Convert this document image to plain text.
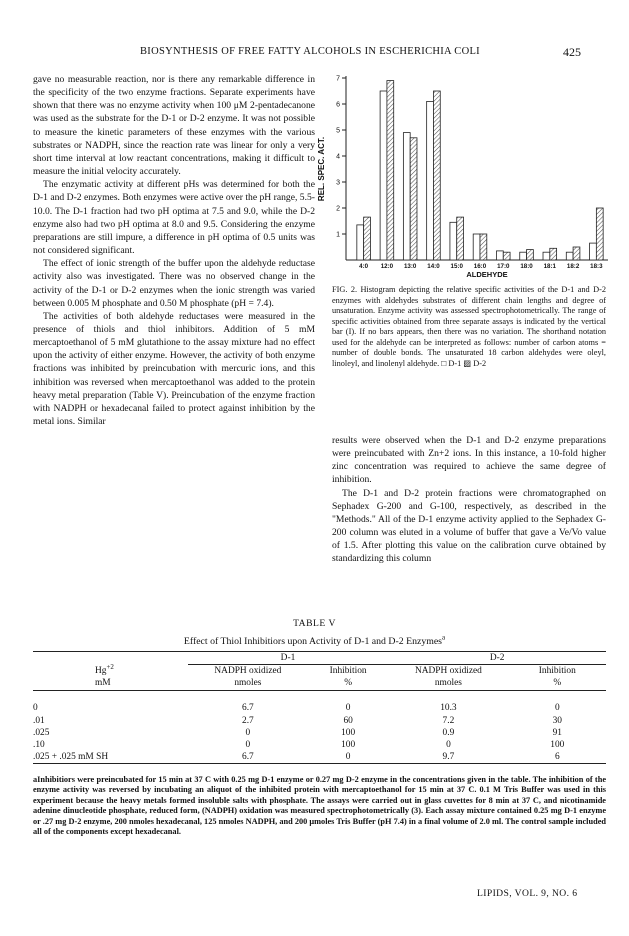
BIOSYNTHESIS OF FREE FATTY ALCOHOLS IN ESCHERICHIA COLI	425

gave no measurable reaction, nor is there any remarkable difference in the specificity of the two enzyme fractions. Separate experiments have shown that there was no enzyme activity when 100 μM 2-pentadecanone was used as the substrate for the D-1 or D-2 enzyme. It was not possible to measure the kinetic parameters of these enzymes with the various substrates or NADPH, since the reaction rate was linear for only a very short time interval at low reactant concentrations, making it difficult to measure the initial velocity accurately.

The enzymatic activity at different pHs was determined for both the D-1 and D-2 enzymes. Both enzymes were active over the pH range, 5.5-10.0. The D-1 fraction had two pH optima at 7.5 and 9.0, while the D-2 enzyme also had two pH optima at 8.0 and 9.5. Considering the enzyme preparations are still impure, a difference in pH optima of 0.5 units was not considered significant.

The effect of ionic strength of the buffer upon the aldehyde reductase activity also was investigated. There was no observed change in the activity of the D-1 or D-2 enzymes when the ionic strength was varied between 0.005 M phosphate and 0.50 M phosphate (pH = 7.4).

The activities of both aldehyde reductases were measured in the presence of thiols and thiol inhibitors. Addition of 5 mM mercaptoethanol of 5 mM glutathione to the assay mixture had no effect upon the activity of either enzyme. However, the activity of both enzyme fractions was inhibited by preincubation with mercuric ions, and this inhibition was reversed when mercaptoethanol was added to the protein heavy metal preparation (Table V). Preincubation of the enzyme fraction with NADPH or hexadecanal failed to protect against inhibition by the metal ions. Similar

1
2
3
4
5
6
7
REL. SPEC. ACT.
4:0 12:0 13:0 14:0 15:0 16:0 17:0 18:0 18:1 18:2 18:3
ALDEHYDE
FIG. 2. Histogram depicting the relative specific activities of the D-1 and D-2 enzymes with aldehydes substrates of different chain lengths and degree of unsaturation. Enzyme activity was assessed spectrophotometrically. The range of specific activities obtained from three separate assays is indicated by the vertical bar (I). If no bars appears, then there was no variation. The shorthand notation used for the aldehyde can be interpreted as follows: number of carbon atoms = number of double bonds. The unsaturated 18 carbon aldehydes were oleyl, linoleyl, and linolenyl aldehyde. □ D-1 ▨ D-2

results were observed when the D-1 and D-2 enzyme preparations were preincubated with Zn+2 ions. In this instance, a 10-fold higher zinc concentration was required to achieve the same degree of inhibition.

The D-1 and D-2 protein fractions were chromatographed on Sephadex G-200 and G-100, respectively, as described in the "Methods." All of the D-1 enzyme activity applied to the Sephadex G-200 column was eluted in a volume of buffer that gave a Ve/Vo value of 1.5. After plotting this value on the calibration curve obtained by standardizing this column

TABLE V
Effect of Thiol Inhibitiors upon Activity of D-1 and D-2 Enzymes$^a$
	D-1		D-2	
$Hg^{+2}$	NADPH oxidized	Inhibition	NADPH oxidized	Inhibition
mM	nmoles	%	nmoles	%

0	6.7	0	10.3	0
.01	2.7	60	7.2	30
.025	0	100	0.9	91
.10	0	100	0	100
.025 + .025 mM SH	6.7	0	9.7	6
aInhibitiors were preincubated for 15 min at 37 C with 0.25 mg D-1 enzyme or 0.27 mg D-2 enzyme in the concentrations given in the table. The inhibition of the enzyme activity was reversed by incubating an aliquot of the inhibited protein with mercaptoethanol for 15 min at 37 C. 0.1 M Tris Buffer was used in this experiment because the heavy metals formed insoluble salts with phosphate. The assays were carried out in glass cuvettes for 8 min at 37 C, and nicotinamide adenine dinucleotide phosphate, reduced form, (NADPH) oxidation was measured spectrophotometrically (3). Each assay mixture contained 0.25 mg D-1 enzyme or .27 mg D-2 enzyme, 200 nmoles hexadecanal, 125 nmoles NADPH, and 200 μmoles Tris Buffer (pH 7.4) in a final volume of 2.0 ml. The control sample included all of the components except hexadecanal.
LIPIDS, VOL. 9, NO. 6
